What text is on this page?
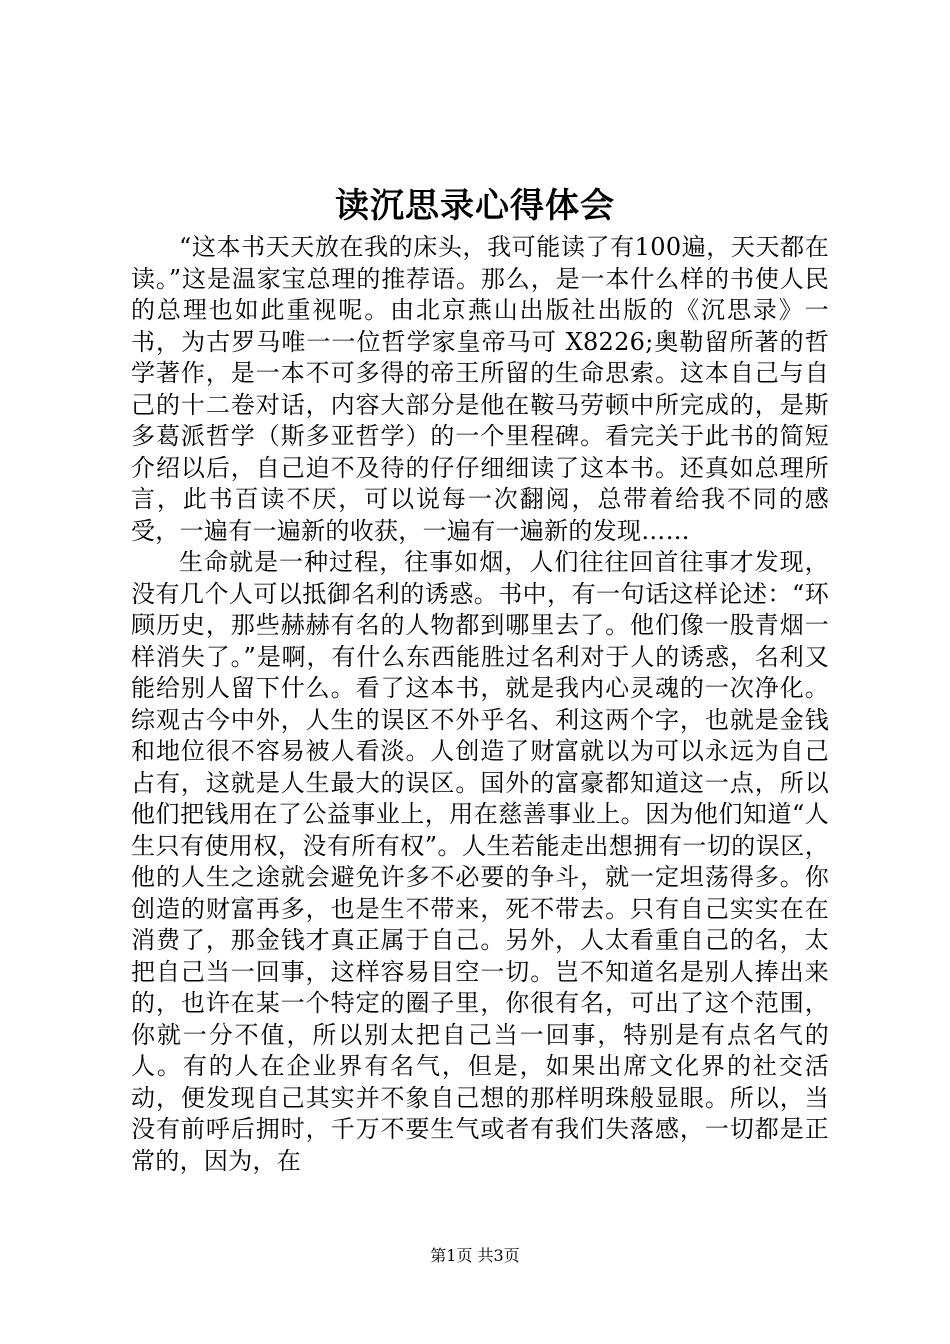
读沉思录心得体会

“这本书天天放在我的床头，我可能读了有100遍，天天都在读。”这是温家宝总理的推荐语。那么，是一本什么样的书使人民的总理也如此重视呢。由北京燕山出版社出版的《沉思录》一书，为古罗马唯一一位哲学家皇帝马可 X8226;奥勒留所著的哲学著作，是一本不可多得的帝王所留的生命思索。这本自己与自己的十二卷对话，内容大部分是他在鞍马劳顿中所完成的，是斯多葛派哲学（斯多亚哲学）的一个里程碑。看完关于此书的简短介绍以后，自己迫不及待的仔仔细细读了这本书。还真如总理所言，此书百读不厌，可以说每一次翻阅，总带着给我不同的感受，一遍有一遍新的收获，一遍有一遍新的发现……

生命就是一种过程，往事如烟，人们往往回首往事才发现，没有几个人可以抵御名利的诱惑。书中，有一句话这样论述：“环顾历史，那些赫赫有名的人物都到哪里去了。他们像一股青烟一样消失了。”是啊，有什么东西能胜过名利对于人的诱惑，名利又能给别人留下什么。看了这本书，就是我内心灵魂的一次净化。综观古今中外，人生的误区不外乎名、利这两个字，也就是金钱和地位很不容易被人看淡。人创造了财富就以为可以永远为自己占有，这就是人生最大的误区。国外的富豪都知道这一点，所以他们把钱用在了公益事业上，用在慈善事业上。因为他们知道“人生只有使用权，没有所有权”。人生若能走出想拥有一切的误区，他的人生之途就会避免许多不必要的争斗，就一定坦荡得多。你创造的财富再多，也是生不带来，死不带去。只有自己实实在在消费了，那金钱才真正属于自己。另外，人太看重自己的名，太把自己当一回事，这样容易目空一切。岂不知道名是别人捧出来的，也许在某一个特定的圈子里，你很有名，可出了这个范围，你就一分不值，所以别太把自己当一回事，特别是有点名气的人。有的人在企业界有名气，但是，如果出席文化界的社交活动，便发现自己其实并不象自己想的那样明珠般显眼。所以，当没有前呼后拥时，千万不要生气或者有我们失落感，一切都是正常的，因为，在

第1页 共3页
